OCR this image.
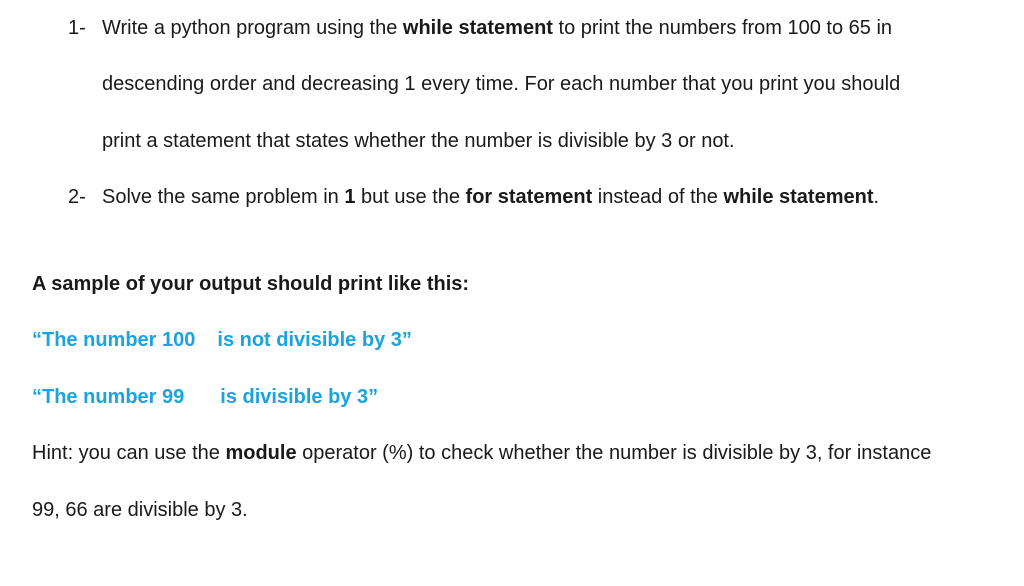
1- Write a python program using the while statement to print the numbers from 100 to 65 in
descending order and decreasing 1 every time. For each number that you print you should
print a statement that states whether the number is divisible by 3 or not.
2- Solve the same problem in 1 but use the for statement instead of the while statement.
A sample of your output should print like this:
“The number 100 is not divisible by 3”
“The number 99 is divisible by 3”
Hint: you can use the module operator (%) to check whether the number is divisible by 3, for instance
99, 66 are divisible by 3.
